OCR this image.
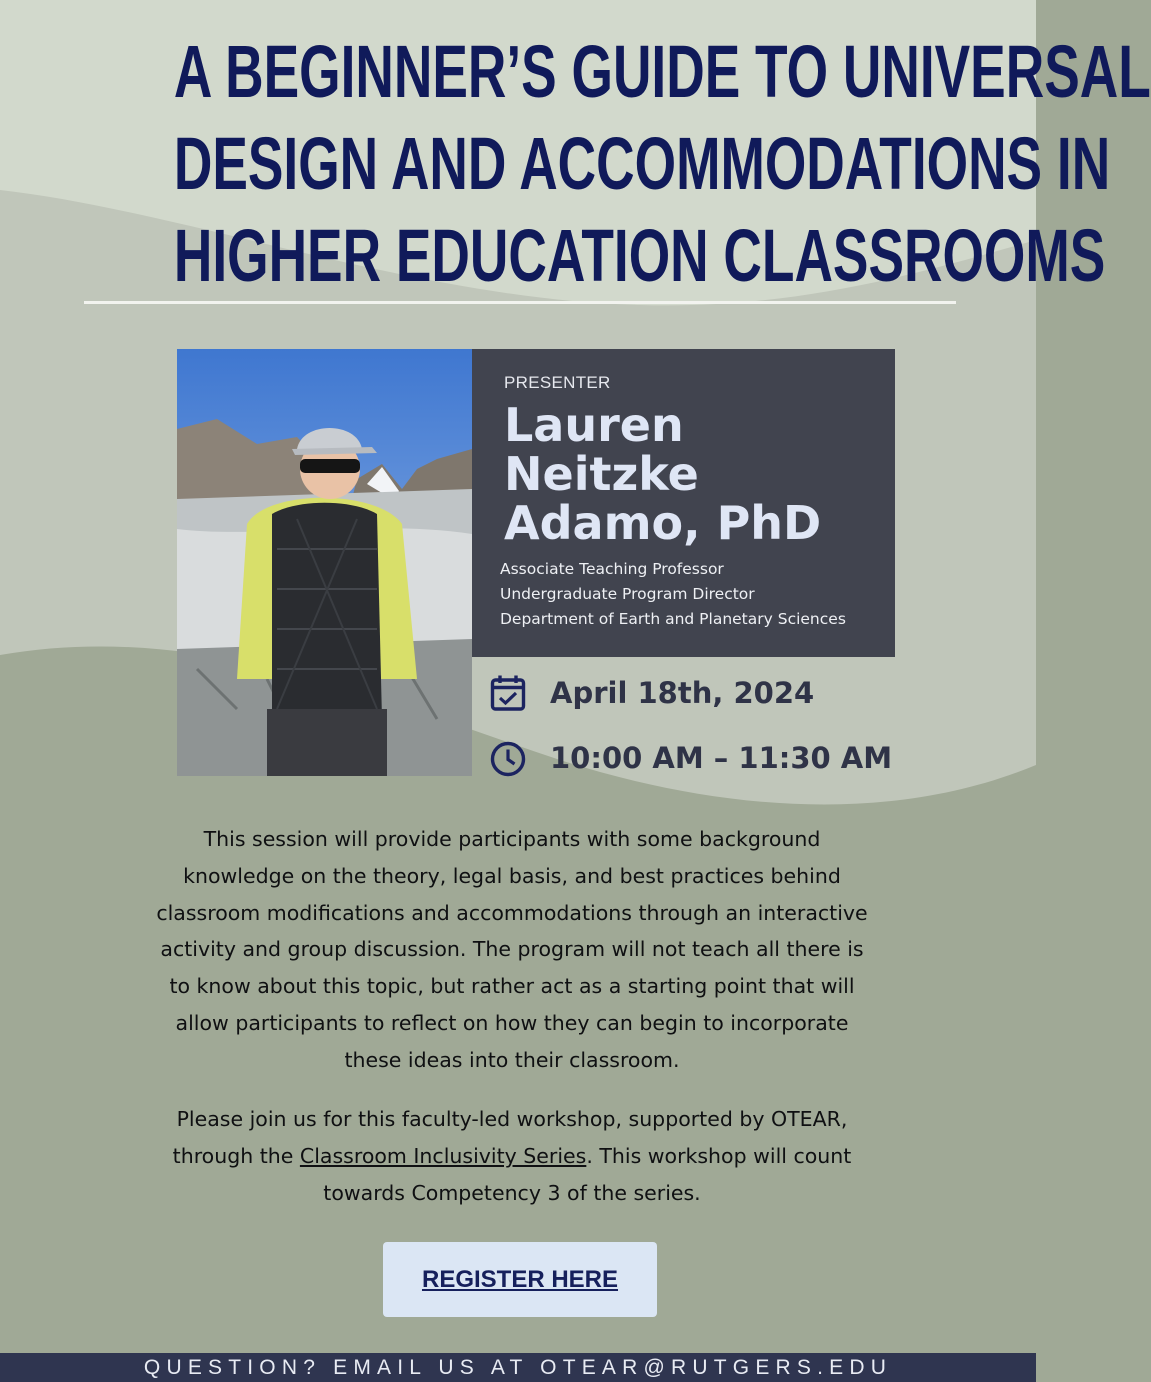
A BEGINNER’S GUIDE TO UNIVERSAL
DESIGN AND ACCOMMODATIONS IN
HIGHER EDUCATION CLASSROOMS

PRESENTER

Lauren
Neitzke
Adamo, PhD

Associate Teaching Professor
Undergraduate Program Director
Department of Earth and Planetary Sciences

April 18th, 2024
10:00 AM – 11:30 AM

This session will provide participants with some background
knowledge on the theory, legal basis, and best practices behind
classroom modifications and accommodations through an interactive
activity and group discussion. The program will not teach all there is
to know about this topic, but rather act as a starting point that will
allow participants to reflect on how they can begin to incorporate
these ideas into their classroom.

Please join us for this faculty-led workshop, supported by OTEAR,
through the Classroom Inclusivity Series. This workshop will count
towards Competency 3 of the series.

REGISTER HERE
QUESTION? EMAIL US AT OTEAR@RUTGERS.EDU
